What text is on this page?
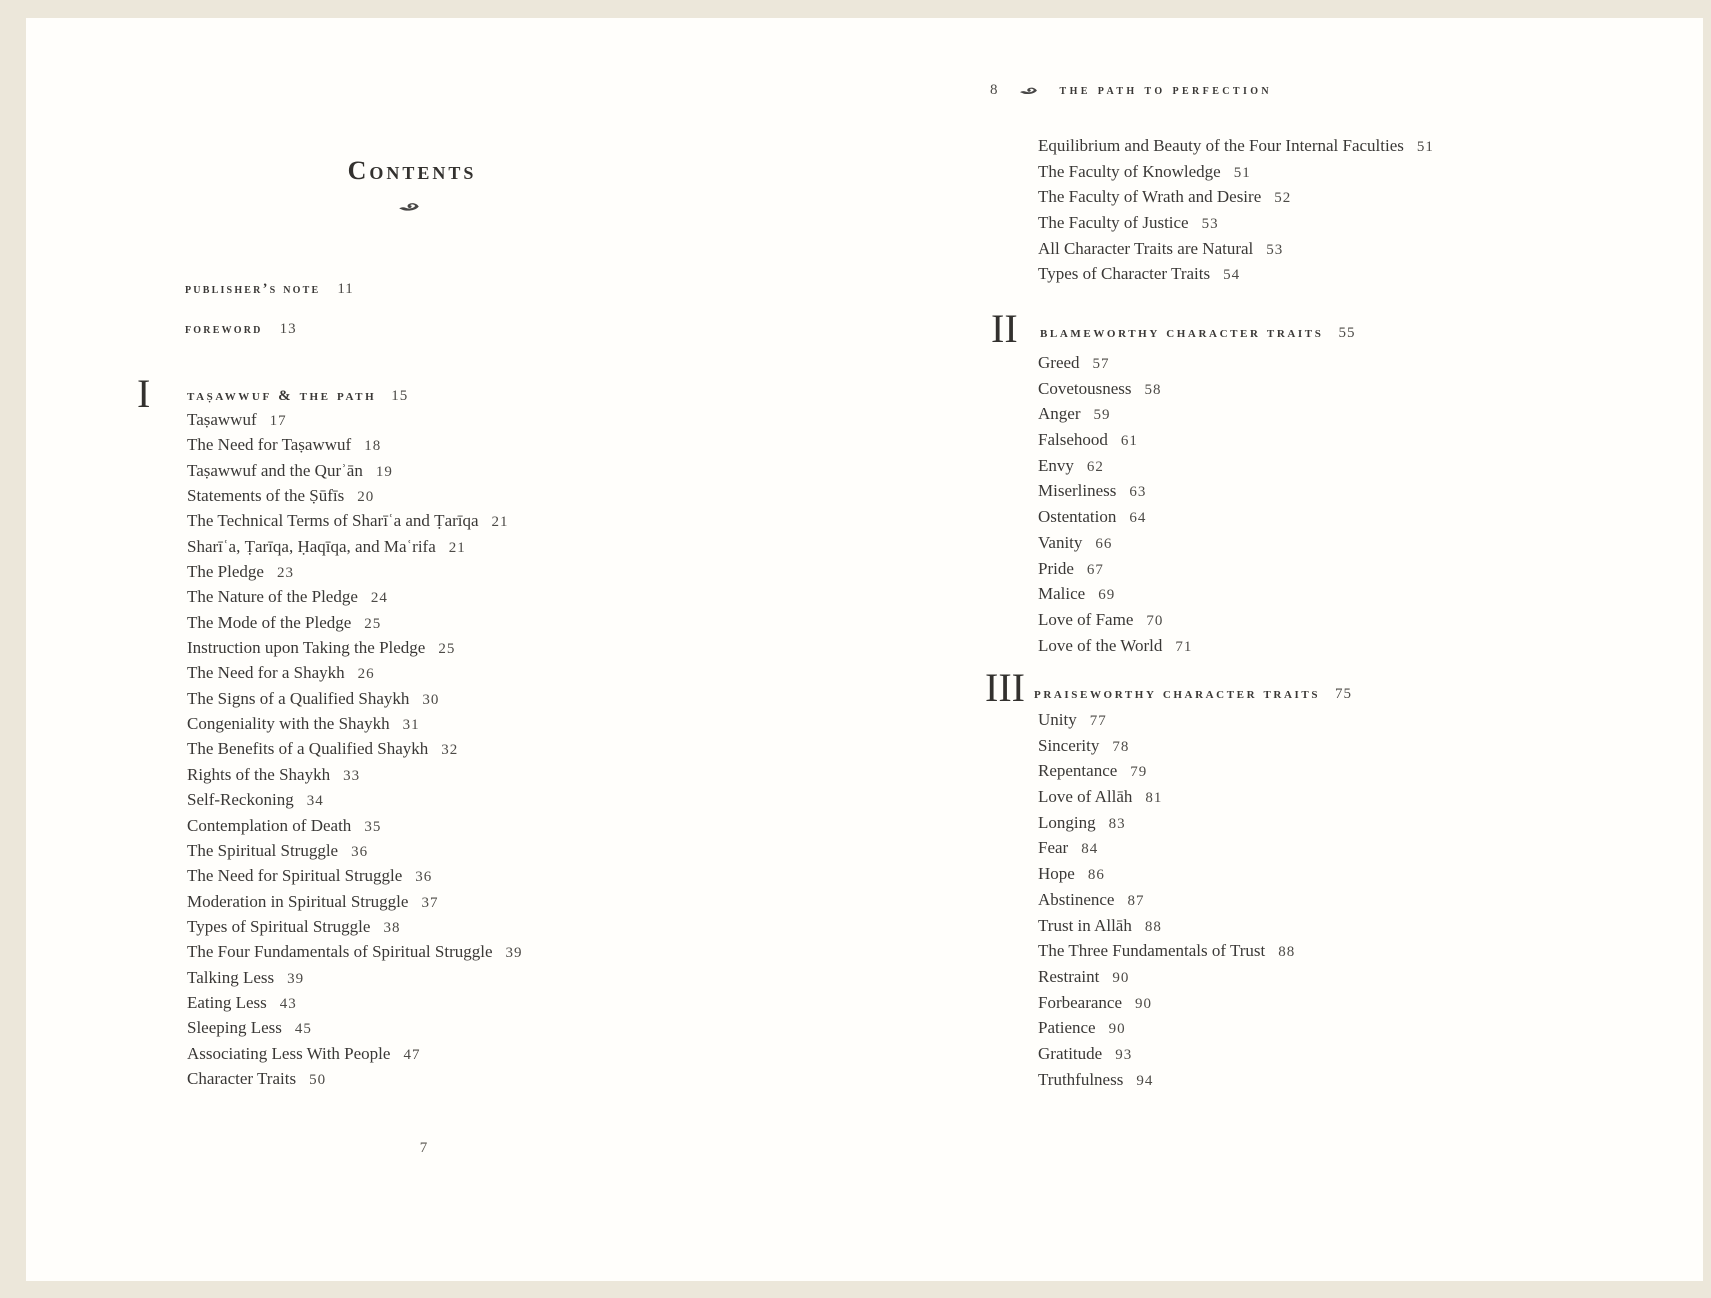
Contents
publisher’s note 11
foreword 13
I taṣawwuf & the path 15
Taṣawwuf 17
The Need for Taṣawwuf 18
Taṣawwuf and the Qurʾān 19
Statements of the Ṣūfīs 20
The Technical Terms of Sharīʿa and Ṭarīqa 21
Sharīʿa, Ṭarīqa, Ḥaqīqa, and Maʿrifa 21
The Pledge 23
The Nature of the Pledge 24
The Mode of the Pledge 25
Instruction upon Taking the Pledge 25
The Need for a Shaykh 26
The Signs of a Qualified Shaykh 30
Congeniality with the Shaykh 31
The Benefits of a Qualified Shaykh 32
Rights of the Shaykh 33
Self-Reckoning 34
Contemplation of Death 35
The Spiritual Struggle 36
The Need for Spiritual Struggle 36
Moderation in Spiritual Struggle 37
Types of Spiritual Struggle 38
The Four Fundamentals of Spiritual Struggle 39
Talking Less 39
Eating Less 43
Sleeping Less 45
Associating Less With People 47
Character Traits 50
7
8	the path to perfection
Equilibrium and Beauty of the Four Internal Faculties 51
The Faculty of Knowledge 51
The Faculty of Wrath and Desire 52
The Faculty of Justice 53
All Character Traits are Natural 53
Types of Character Traits 54
II blameworthy character traits 55
Greed 57
Covetousness 58
Anger 59
Falsehood 61
Envy 62
Miserliness 63
Ostentation 64
Vanity 66
Pride 67
Malice 69
Love of Fame 70
Love of the World 71
III praiseworthy character traits 75
Unity 77
Sincerity 78
Repentance 79
Love of Allāh 81
Longing 83
Fear 84
Hope 86
Abstinence 87
Trust in Allāh 88
The Three Fundamentals of Trust 88
Restraint 90
Forbearance 90
Patience 90
Gratitude 93
Truthfulness 94
